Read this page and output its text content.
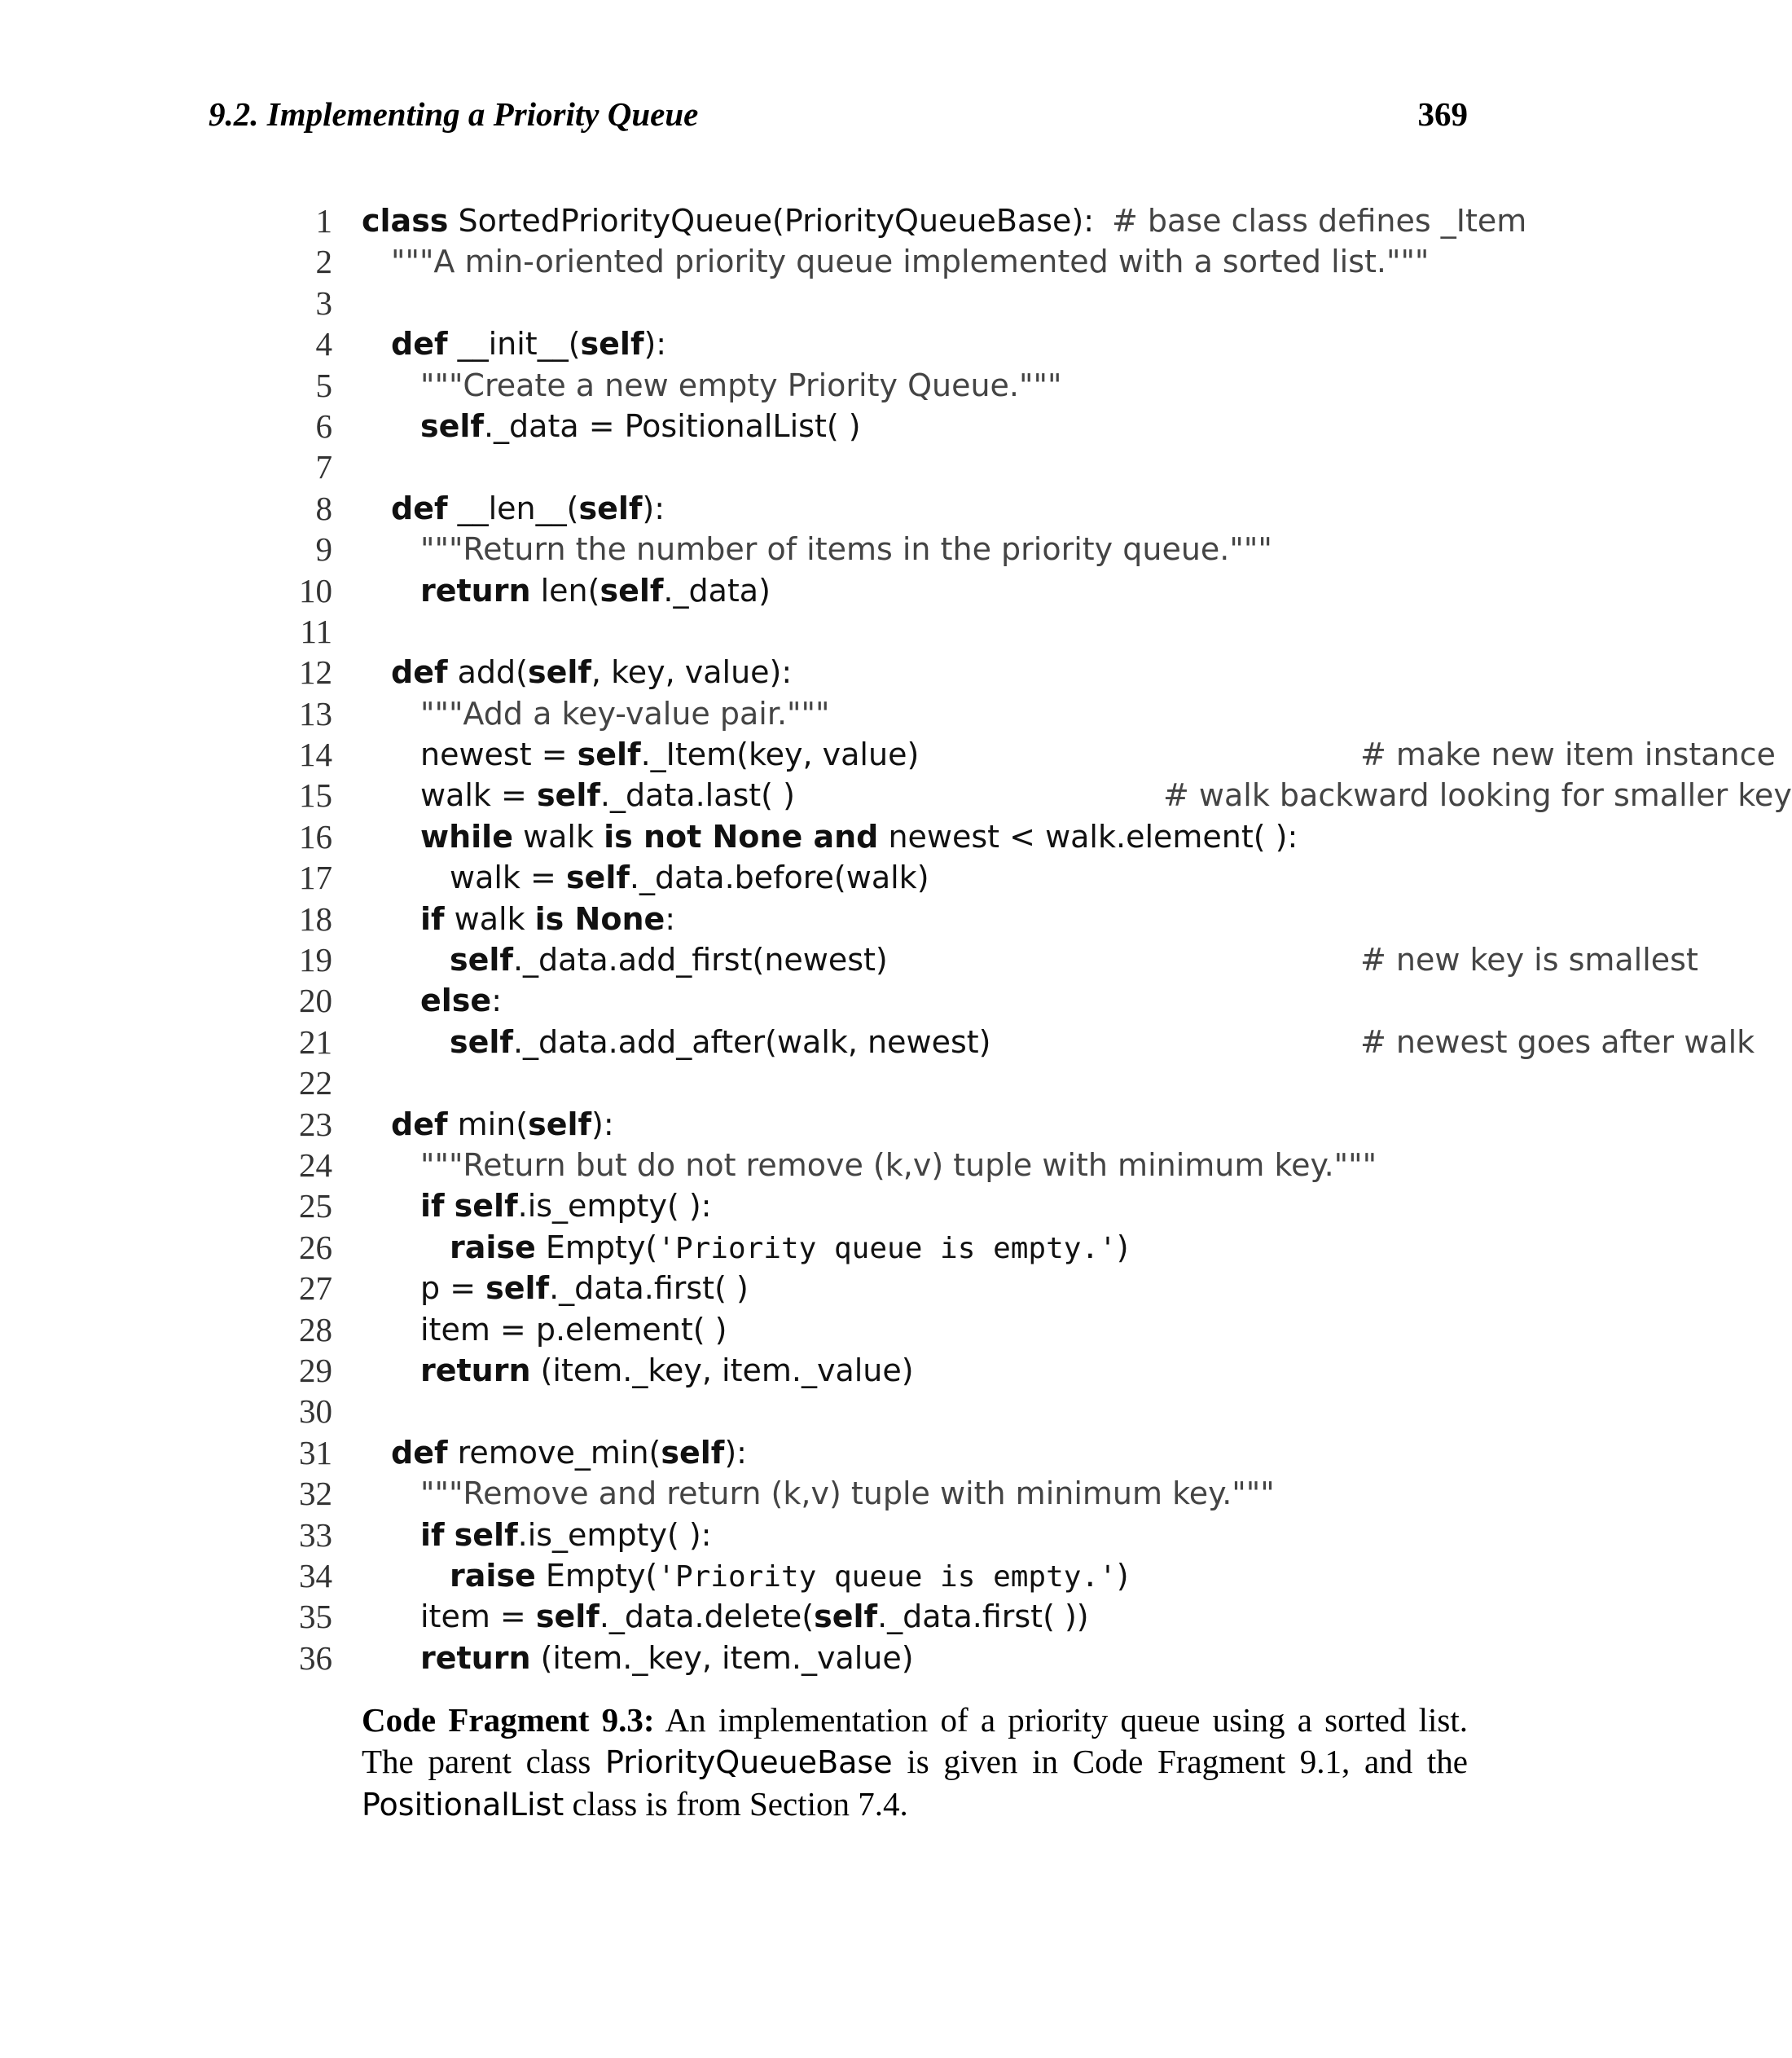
9.2. Implementing a Priority Queue	369
1 class SortedPriorityQueue(PriorityQueueBase): # base class defines _Item
2 """A min-oriented priority queue implemented with a sorted list."""
3
4 def __init__(self):
5	"""Create a new empty Priority Queue."""
6	self._data = PositionalList( )
7
8 def __len__(self):
9	"""Return the number of items in the priority queue."""
10	return len(self._data)
11
12 def add(self, key, value):
13	"""Add a key-value pair."""
14	newest = self._Item(key, value)	# make new item instance
15	walk = self._data.last( )	# walk backward looking for smaller key
16	while walk is not None and newest < walk.element( ):
17	walk = self._data.before(walk)
18	if walk is None:
19	self._data.add_first(newest)	# new key is smallest
20	else:
21	self._data.add_after(walk, newest)	# newest goes after walk
22
23 def min(self):
24	"""Return but do not remove (k,v) tuple with minimum key."""
25	if self.is_empty( ):
26	raise Empty('Priority queue is empty.')
27	p = self._data.first( )
28	item = p.element( )
29	return (item._key, item._value)
30
31 def remove_min(self):
32	"""Remove and return (k,v) tuple with minimum key."""
33	if self.is_empty( ):
34	raise Empty('Priority queue is empty.')
35	item = self._data.delete(self._data.first( ))
36	return (item._key, item._value)
Code Fragment 9.3: An implementation of a priority queue using a sorted list. The parent class PriorityQueueBase is given in Code Fragment 9.1, and the PositionalList class is from Section 7.4.
